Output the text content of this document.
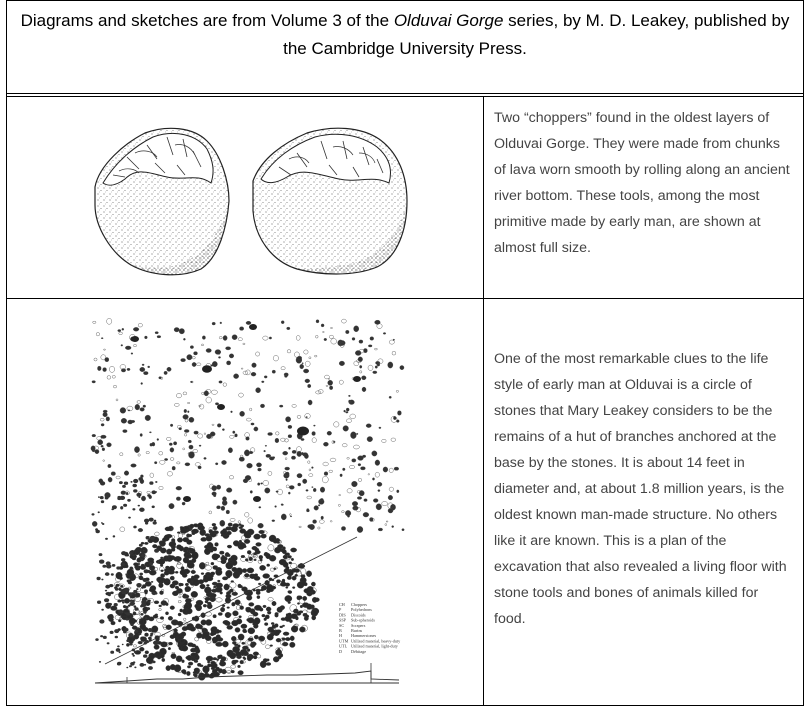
Diagrams and sketches are from Volume 3 of the Olduvai Gorge series, by M. D. Leakey, published by the Cambridge University Press.
Two “choppers” found in the oldest layers of Olduvai Gorge. They were made from chunks of lava worn smooth by rolling along an ancient river bottom. These tools, among the most primitive made by early man, are shown at almost full size.
CH Choppers
P Polyhedrons
DIS Discoids
SSP Sub-spheroids
SC Scrapers
B Burins
H Hammerstones
UTM Utilized material, heavy-duty
UTL Utilized material, light-duty
D Débitage
One of the most remarkable clues to the life style of early man at Olduvai is a circle of stones that Mary Leakey considers to be the remains of a hut of branches anchored at the base by the stones. It is about 14 feet in diameter and, at about 1.8 million years, is the oldest known man-made structure. No others like it are known. This is a plan of the excavation that also revealed a living floor with stone tools and bones of animals killed for food.
